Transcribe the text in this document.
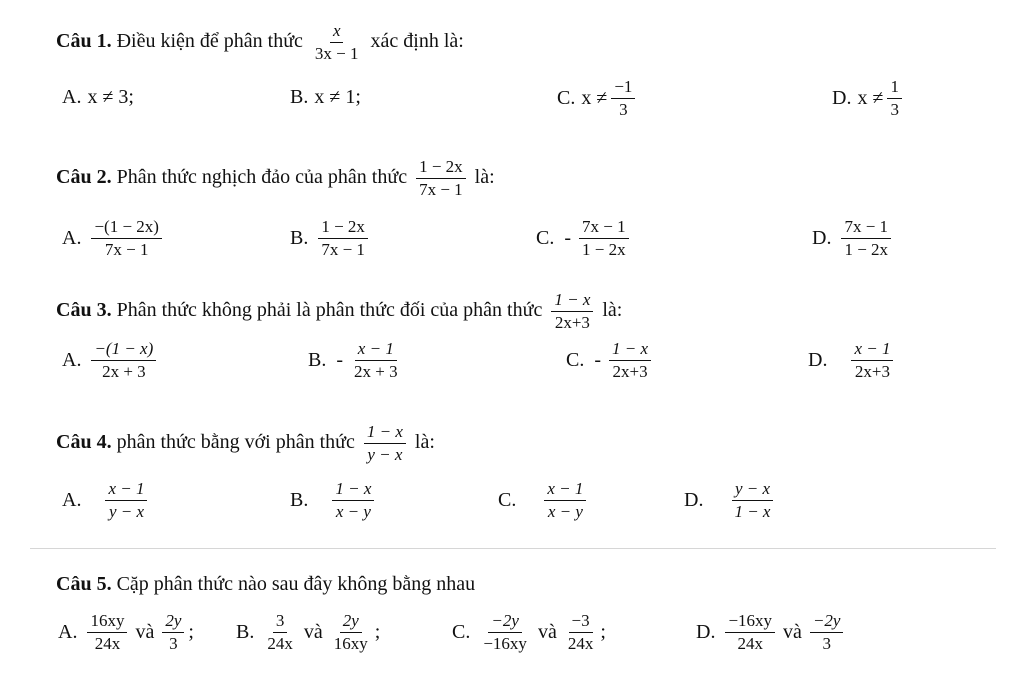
Câu 1. Điều kiện để phân thức $\frac{x}{3x - 1}$ xác định là:
A. x ≠ 3;	B. x ≠ 1;	C. $x \ne \frac{-1}{3}$	D. $x \ne \frac{1}{3}$
Câu 2. Phân thức nghịch đảo của phân thức $\frac{1 - 2x}{7x - 1}$ là:
A. $\frac{-(1 - 2x)}{7x - 1}$	B. $\frac{1 - 2x}{7x - 1}$	C. - $\frac{7x - 1}{1 - 2x}$	D. $\frac{7x - 1}{1 - 2x}$
Câu 3. Phân thức không phải là phân thức đối của phân thức $\frac{1 - x}{2x+3}$ là:
A. $\frac{-(1 - x)}{2x + 3}$	B. - $\frac{x - 1}{2x + 3}$	C. - $\frac{1 - x}{2x+3}$	D. $\frac{x - 1}{2x+3}$
Câu 4. phân thức bằng với phân thức $\frac{1 - x}{y - x}$ là:
A. $\frac{x - 1}{y - x}$	B. $\frac{1 - x}{x - y}$	C. $\frac{x - 1}{x - y}$	D. $\frac{y - x}{1 - x}$
Câu 5. Cặp phân thức nào sau đây không bằng nhau
A. $\frac{16xy}{24x}$ và $\frac{2y}{3}$ ; B. $\frac{3}{24x}$ và $\frac{2y}{16xy}$ ;	C. $\frac{-2y}{-16xy}$ và $\frac{-3}{24x}$ ;	D. $\frac{-16xy}{24x}$ và $\frac{-2y}{3}$
